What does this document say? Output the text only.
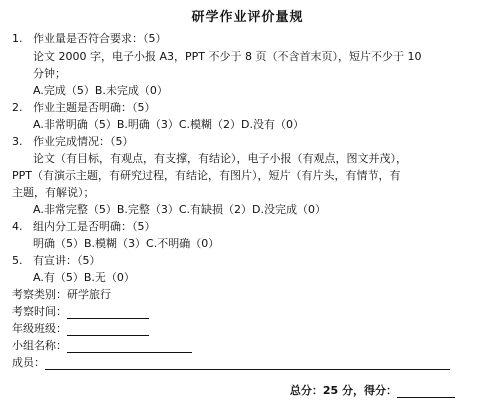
研学作业评价量规
1. 作业量是否符合要求：（5）
论文 2000 字，电子小报 A3，PPT 不少于 8 页（不含首末页），短片不少于 10
分钟；
A.完成（5）B.未完成（0）
2. 作业主题是否明确：（5）
A.非常明确（5）B.明确（3）C.模糊（2）D.没有（0）
3. 作业完成情况：（5）
论文（有目标，有观点，有支撑，有结论），电子小报（有观点，图文并茂），
PPT（有演示主题，有研究过程，有结论，有图片），短片（有片头，有情节，有
主题，有解说）；
A.非常完整（5）B.完整（3）C.有缺损（2）D.没完成（0）
4. 组内分工是否明确：（5）
明确（5）B.模糊（3）C.不明确（0）
5. 有宣讲：（5）
A.有（5）B.无（0）
考察类别：研学旅行
考察时间：
年级班级：
小组名称：
成员：
总分：25 分，得分：
